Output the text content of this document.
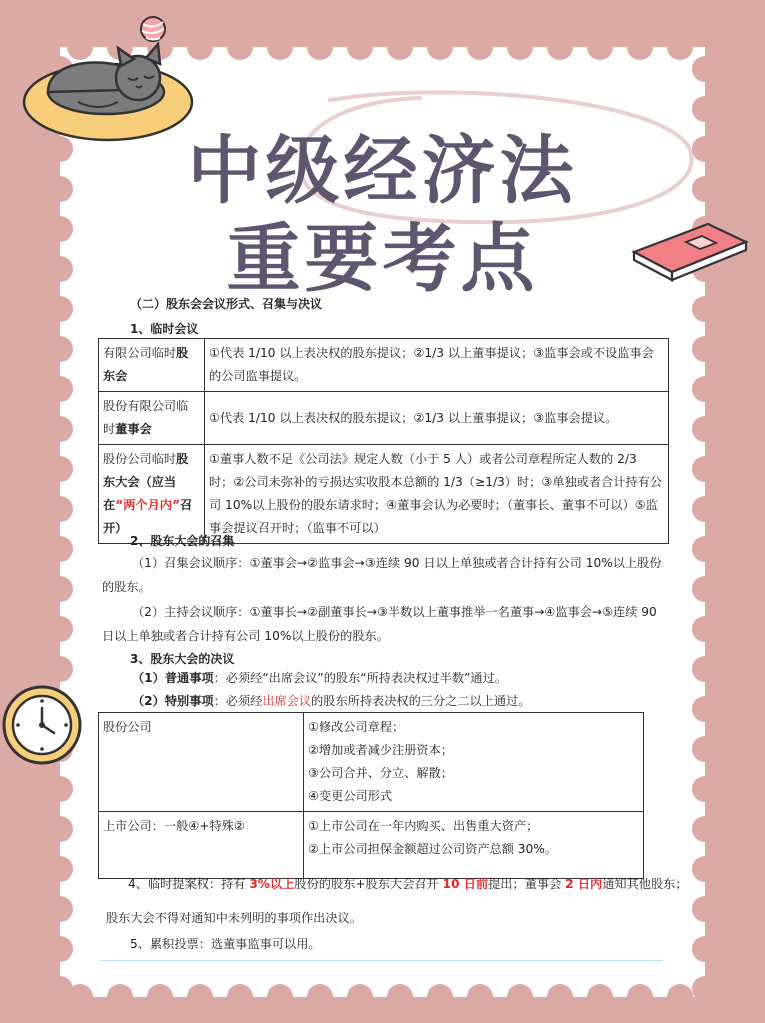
中级经济法
重要考点
（二）股东会会议形式、召集与决议
1、临时会议
有限公司临时股东会	①代表 1/10 以上表决权的股东提议；②1/3 以上董事提议；③监事会或不设监事会的公司监事提议。
股份有限公司临时董事会	①代表 1/10 以上表决权的股东提议；②1/3 以上董事提议；③监事会提议。
股份公司临时股东大会（应当在“两个月内”召开）	①董事人数不足《公司法》规定人数（小于 5 人）或者公司章程所定人数的 2/3 时；②公司未弥补的亏损达实收股本总额的 1/3（≥1/3）时；③单独或者合计持有公司 10%以上股份的股东请求时；④董事会认为必要时；（董事长、董事不可以）⑤监事会提议召开时；（监事不可以）
2、股东大会的召集
（1）召集会议顺序：①董事会→②监事会→③连续 90 日以上单独或者合计持有公司 10%以上股份的股东。
（2）主持会议顺序：①董事长→②副董事长→③半数以上董事推举一名董事→④监事会→⑤连续 90 日以上单独或者合计持有公司 10%以上股份的股东。
3、股东大会的决议
（1）普通事项：必须经“出席会议”的股东“所持表决权过半数”通过。
（2）特别事项：必须经出席会议的股东所持表决权的三分之二以上通过。
股份公司	①修改公司章程；
②增加或者减少注册资本；
③公司合并、分立、解散；
④变更公司形式

上市公司：一般④+特殊②	①上市公司在一年内购买、出售重大资产；
②上市公司担保金额超过公司资产总额 30%。
4、临时提案权：持有 3%以上股份的股东+股东大会召开 10 日前提出；董事会 2 日内通知其他股东；
股东大会不得对通知中未列明的事项作出决议。
5、累积投票：选董事监事可以用。
